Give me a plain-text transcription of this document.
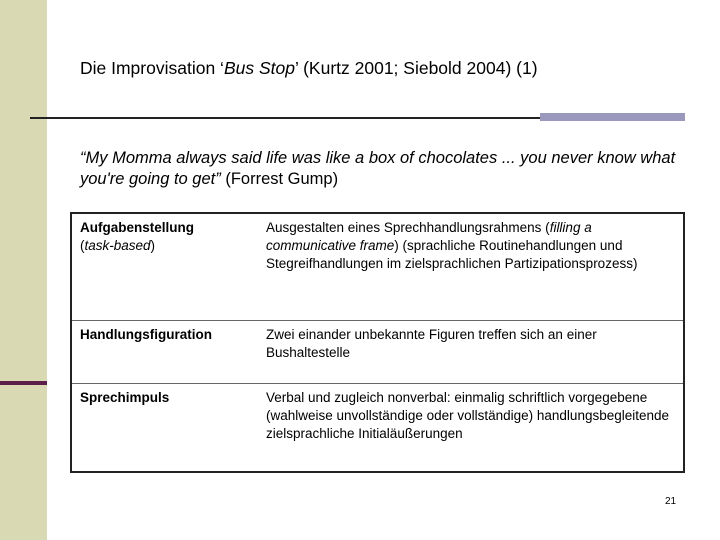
Die Improvisation ‘Bus Stop’ (Kurtz 2001; Siebold 2004) (1)
“My Momma always said life was like a box of chocolates ... you never know what you're going to get” (Forrest Gump)
Aufgabenstellung
(task-based)	Ausgestalten eines Sprechhandlungsrahmens (filling a communicative frame) (sprachliche Routinehandlungen und Stegreifhandlungen im zielsprachlichen Partizipationsprozess)
Handlungsfiguration	Zwei einander unbekannte Figuren treffen sich an einer Bushaltestelle
Sprechimpuls	Verbal und zugleich nonverbal: einmalig schriftlich vorgegebene (wahlweise unvollständige oder vollständige) handlungsbegleitende zielsprachliche Initialäußerungen
21
